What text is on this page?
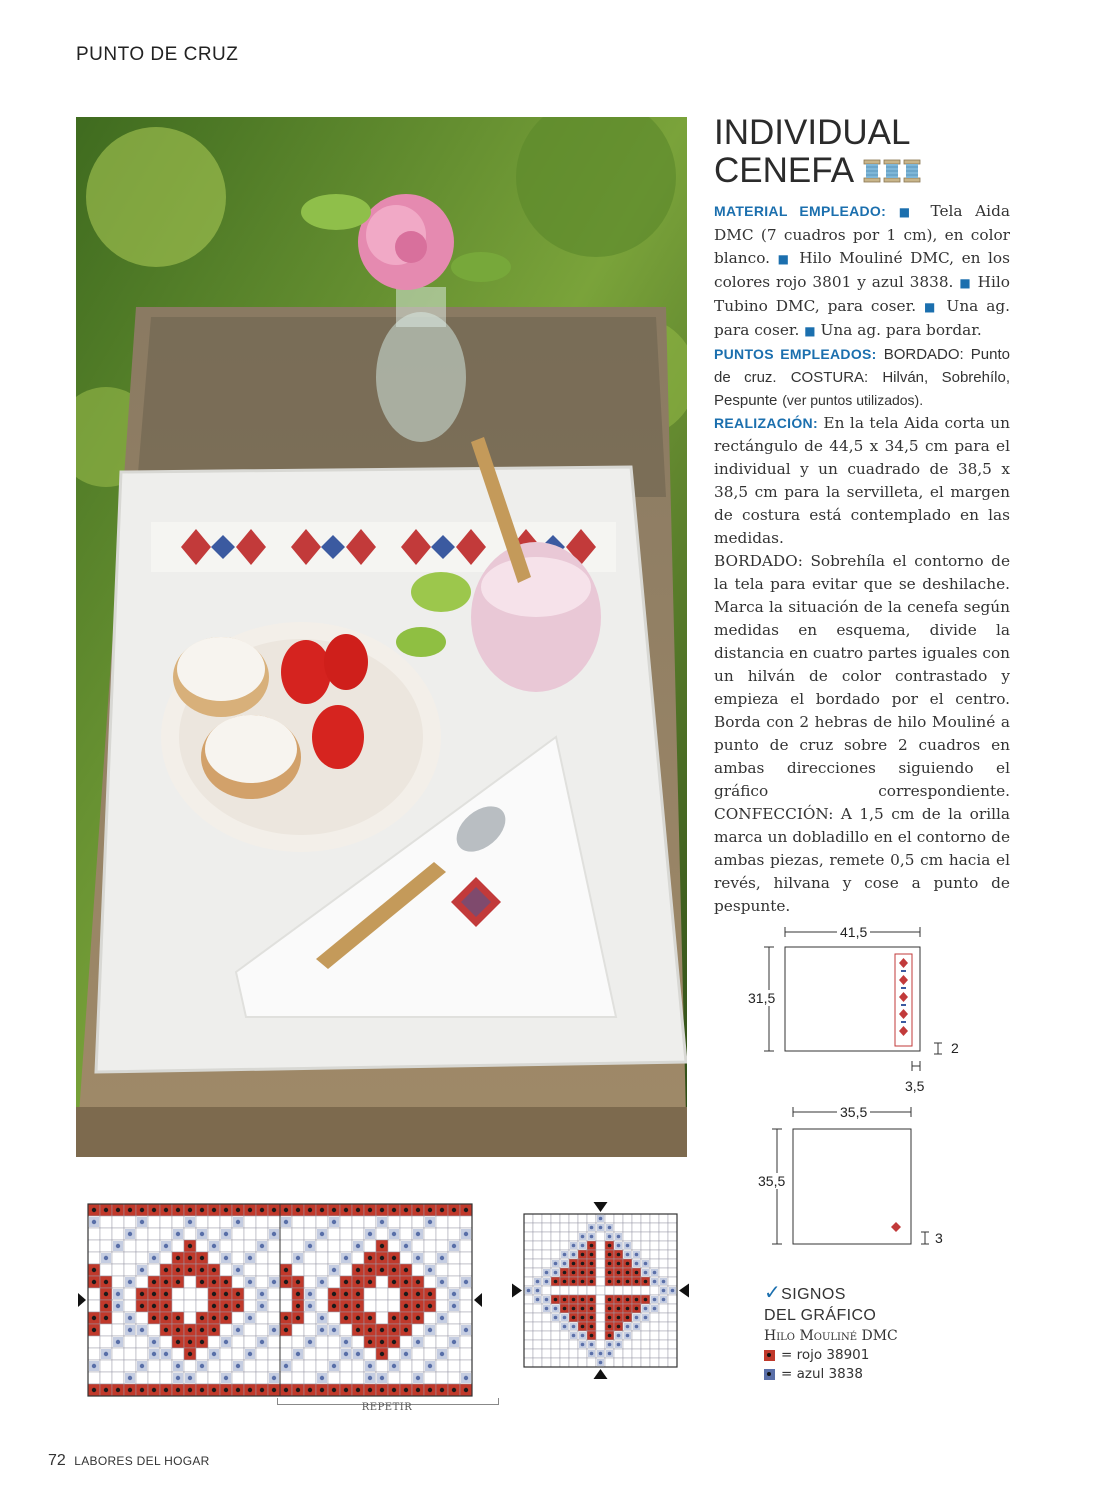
PUNTO DE CRUZ
INDIVIDUAL
CENEFA

MATERIAL EMPLEADO: ■ Tela Aida DMC (7 cuadros por 1 cm), en color blanco. ■ Hilo Mouliné DMC, en los colores rojo 3801 y azul 3838. ■ Hilo Tubino DMC, para coser. ■ Una ag. para coser. ■ Una ag. para bordar.

PUNTOS EMPLEADOS: BORDADO: Punto de cruz. COSTURA: Hilván, Sobrehílo, Pespunte (ver puntos utilizados).

REALIZACIÓN: En la tela Aida corta un rectángulo de 44,5 x 34,5 cm para el individual y un cuadrado de 38,5 x 38,5 cm para la servilleta, el margen de costura está contemplado en las medidas.

BORDADO: Sobrehíla el contorno de la tela para evitar que se deshilache. Marca la situación de la cenefa según medidas en esquema, divide la distancia en cuatro partes iguales con un hilván de color contrastado y empieza el bordado por el centro. Borda con 2 hebras de hilo Mouliné a punto de cruz sobre 2 cuadros en ambas direcciones siguiendo el gráfico correspondiente. CONFECCIÓN: A 1,5 cm de la orilla marca un dobladillo en el contorno de ambas piezas, remete 0,5 cm hacia el revés, hilvana y cose a punto de pespunte.

41,5
31,5
2
3,5
35,5
35,5
3
REPETIR
✓SIGNOS
DEL GRÁFICO
Hilo Mouliné DMC
= rojo 38901
= azul 3838
72 LABORES DEL HOGAR
